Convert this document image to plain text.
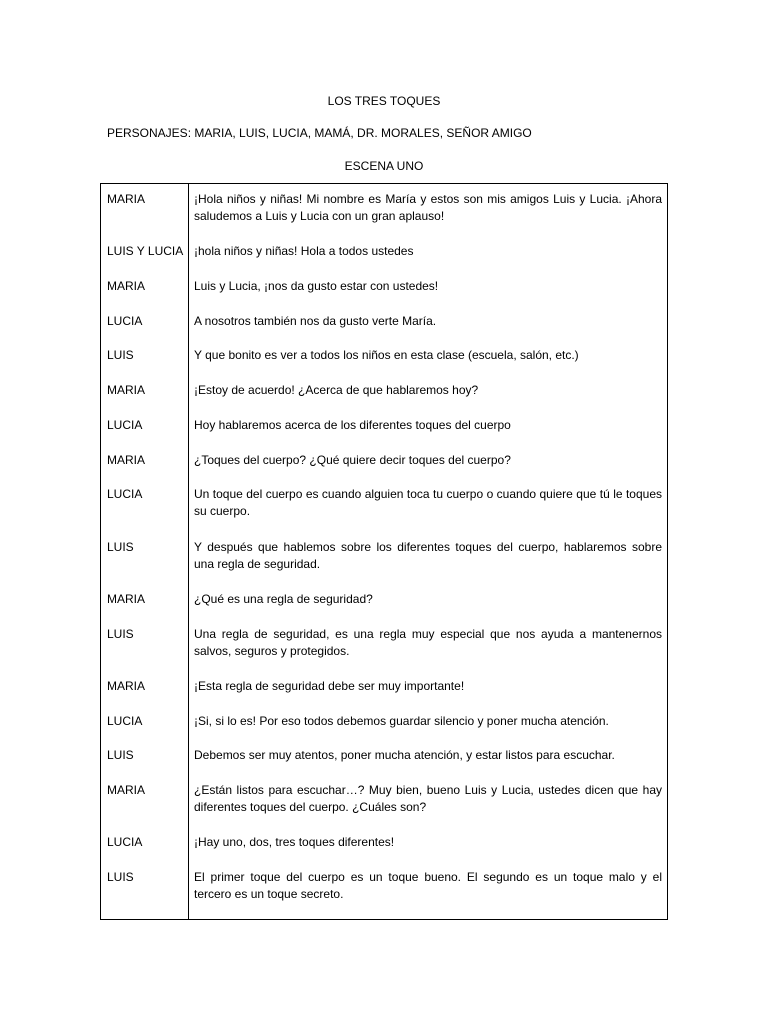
LOS TRES TOQUES
PERSONAJES: MARIA, LUIS, LUCIA, MAMÁ, DR. MORALES, SEÑOR AMIGO
ESCENA UNO
MARIA	¡Hola niños y niñas! Mi nombre es María y estos son mis amigos Luis y Lucia. ¡Ahora saludemos a Luis y Lucia con un gran aplauso!
LUIS Y LUCIA ¡hola niños y niñas! Hola a todos ustedes
MARIA	Luis y Lucia, ¡nos da gusto estar con ustedes!
LUCIA	A nosotros también nos da gusto verte María.
LUIS	Y que bonito es ver a todos los niños en esta clase (escuela, salón, etc.)
MARIA	¡Estoy de acuerdo! ¿Acerca de que hablaremos hoy?
LUCIA	Hoy hablaremos acerca de los diferentes toques del cuerpo
MARIA	¿Toques del cuerpo? ¿Qué quiere decir toques del cuerpo?
LUCIA	Un toque del cuerpo es cuando alguien toca tu cuerpo o cuando quiere que tú le toques su cuerpo.
LUIS	Y después que hablemos sobre los diferentes toques del cuerpo, hablaremos sobre una regla de seguridad.
MARIA	¿Qué es una regla de seguridad?
LUIS	Una regla de seguridad, es una regla muy especial que nos ayuda a mantenernos salvos, seguros y protegidos.
MARIA	¡Esta regla de seguridad debe ser muy importante!
LUCIA	¡Si, si lo es! Por eso todos debemos guardar silencio y poner mucha atención.
LUIS	Debemos ser muy atentos, poner mucha atención, y estar listos para escuchar.
MARIA	¿Están listos para escuchar…? Muy bien, bueno Luis y Lucia, ustedes dicen que hay diferentes toques del cuerpo. ¿Cuáles son?
LUCIA	¡Hay uno, dos, tres toques diferentes!
LUIS	El primer toque del cuerpo es un toque bueno. El segundo es un toque malo y el tercero es un toque secreto.
